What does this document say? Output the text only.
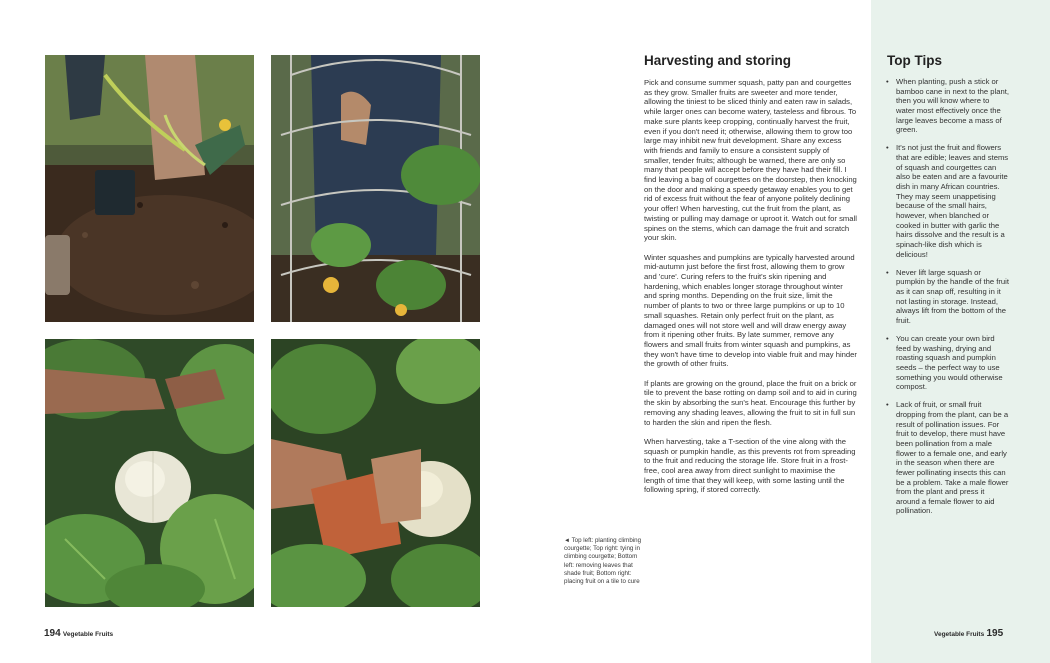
◄ Top left: planting climbing courgette; Top right: tying in climbing courgette; Bottom left: removing leaves that shade fruit; Bottom right: placing fruit on a tile to cure
194 Vegetable Fruits
Harvesting and storing

Pick and consume summer squash, patty pan and courgettes as they grow. Smaller fruits are sweeter and more tender, allowing the tiniest to be sliced thinly and eaten raw in salads, while larger ones can become watery, tasteless and fibrous. To make sure plants keep cropping, continually harvest the fruit, even if you don't need it; otherwise, allowing them to grow too large may inhibit new fruit development. Share any excess with friends and family to ensure a consistent supply of smaller, tender fruits; although be warned, there are only so many that people will accept before they have had their fill. I find leaving a bag of courgettes on the doorstep, then knocking on the door and making a speedy getaway enables you to get rid of excess fruit without the fear of anyone politely declining your offer! When harvesting, cut the fruit from the plant, as twisting or pulling may damage or uproot it. Watch out for small spines on the stems, which can damage the fruit and scratch your skin.

Winter squashes and pumpkins are typically harvested around mid-autumn just before the first frost, allowing them to grow and 'cure'. Curing refers to the fruit's skin ripening and hardening, which enables longer storage throughout winter and spring months. Depending on the fruit size, limit the number of plants to two or three large pumpkins or up to 10 small squashes. Retain only perfect fruit on the plant, as damaged ones will not store well and will draw energy away from it ripening other fruits. By late summer, remove any flowers and small fruits from winter squash and pumpkins, as they won't have time to develop into viable fruit and may hinder the growth of other fruits.

If plants are growing on the ground, place the fruit on a brick or tile to prevent the base rotting on damp soil and to aid in curing the skin by absorbing the sun's heat. Encourage this further by removing any shading leaves, allowing the fruit to sit in full sun to harden the skin and ripen the flesh.

When harvesting, take a T-section of the vine along with the squash or pumpkin handle, as this prevents rot from spreading to the fruit and reducing the storage life. Store fruit in a frost-free, cool area away from direct sunlight to maximise the length of time that they will keep, with some lasting until the following spring, if stored correctly.

Top Tips
• When planting, push a stick or bamboo cane in next to the plant, then you will know where to water most effectively once the large leaves become a mass of green.
• It's not just the fruit and flowers that are edible; leaves and stems of squash and courgettes can also be eaten and are a favourite dish in many African countries. They may seem unappetising because of the small hairs, however, when blanched or cooked in butter with garlic the hairs dissolve and the result is a spinach-like dish which is delicious!
• Never lift large squash or pumpkin by the handle of the fruit as it can snap off, resulting in it not lasting in storage. Instead, always lift from the bottom of the fruit.
• You can create your own bird feed by washing, drying and roasting squash and pumpkin seeds – the perfect way to use something you would otherwise compost.
• Lack of fruit, or small fruit dropping from the plant, can be a result of pollination issues. For fruit to develop, there must have been pollination from a male flower to a female one, and early in the season when there are fewer pollinating insects this can be a problem. Take a male flower from the plant and press it around a female flower to aid pollination.
Vegetable Fruits 195
